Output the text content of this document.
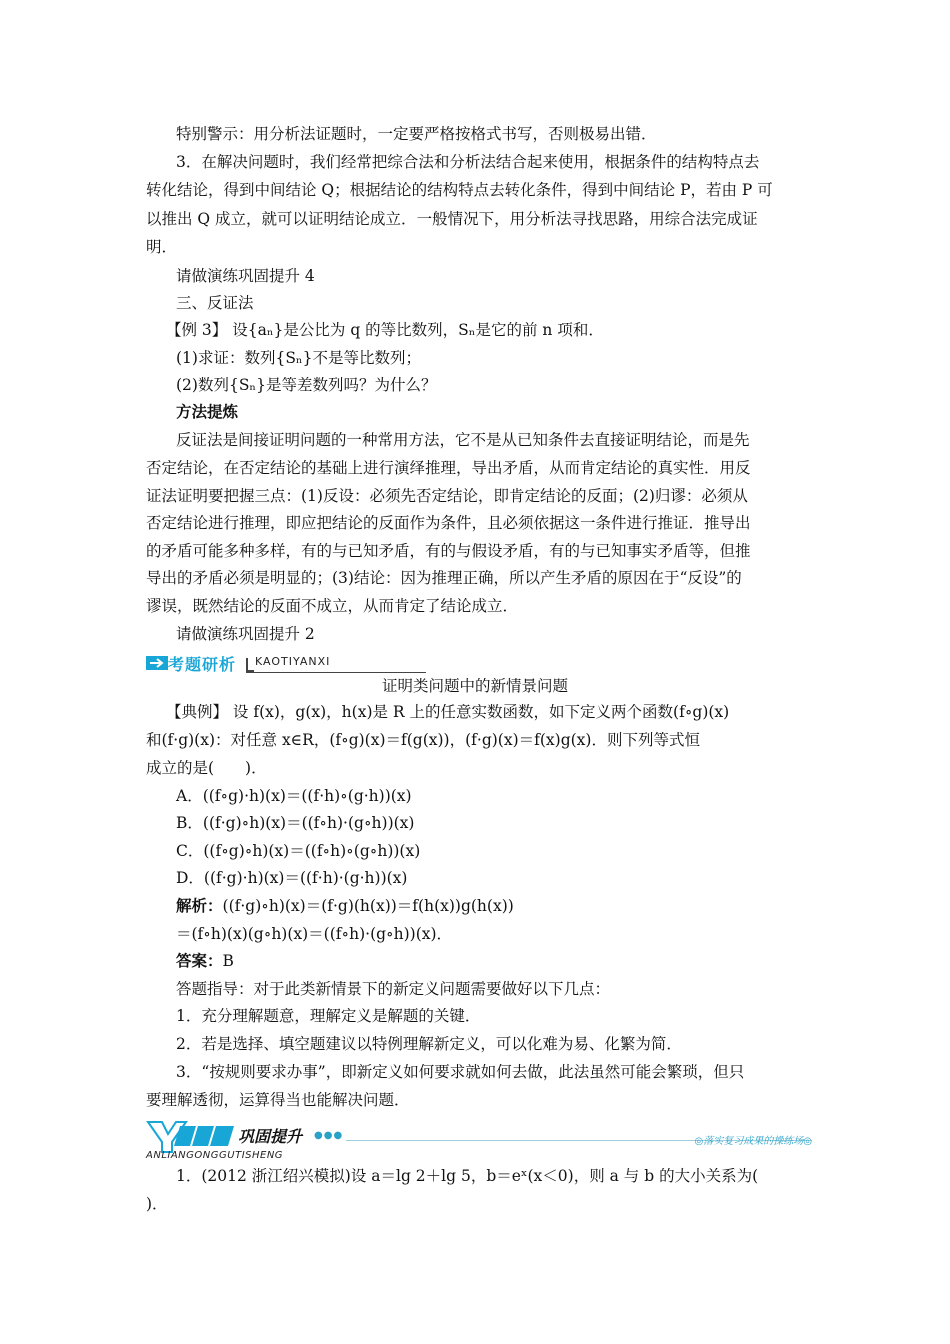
特别警示：用分析法证题时，一定要严格按格式书写，否则极易出错．
3．在解决问题时，我们经常把综合法和分析法结合起来使用，根据条件的结构特点去
转化结论，得到中间结论 Q；根据结论的结构特点去转化条件，得到中间结论 P，若由 P 可
以推出 Q 成立，就可以证明结论成立．一般情况下，用分析法寻找思路，用综合法完成证
明．
请做演练巩固提升 4
三、反证法
【例 3】 设{aₙ}是公比为 q 的等比数列，Sₙ是它的前 n 项和．
(1)求证：数列{Sₙ}不是等比数列；
(2)数列{Sₙ}是等差数列吗？为什么？
方法提炼
反证法是间接证明问题的一种常用方法，它不是从已知条件去直接证明结论，而是先
否定结论，在否定结论的基础上进行演绎推理，导出矛盾，从而肯定结论的真实性．用反
证法证明要把握三点：(1)反设：必须先否定结论，即肯定结论的反面；(2)归谬：必须从
否定结论进行推理，即应把结论的反面作为条件，且必须依据这一条件进行推证．推导出
的矛盾可能多种多样，有的与已知矛盾，有的与假设矛盾，有的与已知事实矛盾等，但推
导出的矛盾必须是明显的；(3)结论：因为推理正确，所以产生矛盾的原因在于“反设”的
谬误，既然结论的反面不成立，从而肯定了结论成立．
请做演练巩固提升 2
考题研析 KAOTIYANXI
证明类问题中的新情景问题
【典例】 设 f(x)，g(x)，h(x)是 R 上的任意实数函数，如下定义两个函数(f∘g)(x)
和(f·g)(x)：对任意 x∈R，(f∘g)(x)＝f(g(x))，(f·g)(x)＝f(x)g(x)．则下列等式恒
成立的是(　　)．
A．((f∘g)·h)(x)＝((f·h)∘(g·h))(x)
B．((f·g)∘h)(x)＝((f∘h)·(g∘h))(x)
C．((f∘g)∘h)(x)＝((f∘h)∘(g∘h))(x)
D．((f·g)·h)(x)＝((f·h)·(g·h))(x)
解析：((f·g)∘h)(x)＝(f·g)(h(x))＝f(h(x))g(h(x))
＝(f∘h)(x)(g∘h)(x)＝((f∘h)·(g∘h))(x)．
答案：B
答题指导：对于此类新情景下的新定义问题需要做好以下几点：
1．充分理解题意，理解定义是解题的关键．
2．若是选择、填空题建议以特例理解新定义，可以化难为易、化繁为简．
3．“按规则要求办事”，即新定义如何要求就如何去做，此法虽然可能会繁琐，但只
要理解透彻，运算得当也能解决问题．
巩固提升 ●●●
◎落实复习成果的操练场◎
ANLIANGONGGUTISHENG
1．(2012 浙江绍兴模拟)设 a＝lg 2＋lg 5，b＝eˣ(x＜0)，则 a 与 b 的大小关系为(
)．
